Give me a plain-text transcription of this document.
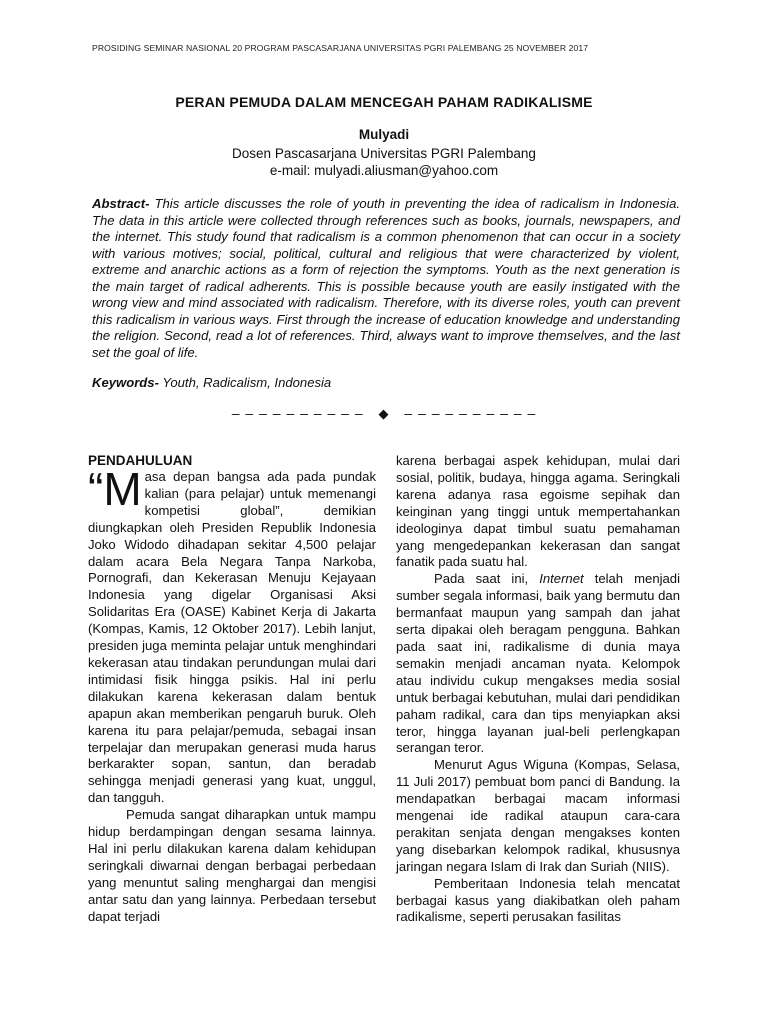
PROSIDING SEMINAR NASIONAL 20 PROGRAM PASCASARJANA UNIVERSITAS PGRI PALEMBANG 25 NOVEMBER 2017
PERAN PEMUDA DALAM MENCEGAH PAHAM RADIKALISME
Mulyadi
Dosen Pascasarjana Universitas PGRI Palembang
e-mail: mulyadi.aliusman@yahoo.com
Abstract- This article discusses the role of youth in preventing the idea of radicalism in Indonesia. The data in this article were collected through references such as books, journals, newspapers, and the internet. This study found that radicalism is a common phenomenon that can occur in a society with various motives; social, political, cultural and religious that were characterized by violent, extreme and anarchic actions as a form of rejection the symptoms. Youth as the next generation is the main target of radical adherents. This is possible because youth are easily instigated with the wrong view and mind associated with radicalism. Therefore, with its diverse roles, youth can prevent this radicalism in various ways. First through the increase of education knowledge and understanding the religion. Second, read a lot of references. Third, always want to improve themselves, and the last set the goal of life.
Keywords- Youth, Radicalism, Indonesia
– – – – – – – – – – ◆ – – – – – – – – – –
PENDAHULUAN

“Masa depan bangsa ada pada pundak kalian (para pelajar) untuk memenangi kompetisi global”, demikian diungkapkan oleh Presiden Republik Indonesia Joko Widodo dihadapan sekitar 4,500 pelajar dalam acara Bela Negara Tanpa Narkoba, Pornografi, dan Kekerasan Menuju Kejayaan Indonesia yang digelar Organisasi Aksi Solidaritas Era (OASE) Kabinet Kerja di Jakarta (Kompas, Kamis, 12 Oktober 2017). Lebih lanjut, presiden juga meminta pelajar untuk menghindari kekerasan atau tindakan perundungan mulai dari intimidasi fisik hingga psikis. Hal ini perlu dilakukan karena kekerasan dalam bentuk apapun akan memberikan pengaruh buruk. Oleh karena itu para pelajar/pemuda, sebagai insan terpelajar dan merupakan generasi muda harus berkarakter sopan, santun, dan beradab sehingga menjadi generasi yang kuat, unggul, dan tangguh.

Pemuda sangat diharapkan untuk mampu hidup berdampingan dengan sesama lainnya. Hal ini perlu dilakukan karena dalam kehidupan seringkali diwarnai dengan berbagai perbedaan yang menuntut saling menghargai dan mengisi antar satu dan yang lainnya. Perbedaan tersebut dapat terjadi

karena berbagai aspek kehidupan, mulai dari sosial, politik, budaya, hingga agama. Seringkali karena adanya rasa egoisme sepihak dan keinginan yang tinggi untuk mempertahankan ideologinya dapat timbul suatu pemahaman yang mengedepankan kekerasan dan sangat fanatik pada suatu hal.

Pada saat ini, Internet telah menjadi sumber segala informasi, baik yang bermutu dan bermanfaat maupun yang sampah dan jahat serta dipakai oleh beragam pengguna. Bahkan pada saat ini, radikalisme di dunia maya semakin menjadi ancaman nyata. Kelompok atau individu cukup mengakses media sosial untuk berbagai kebutuhan, mulai dari pendidikan paham radikal, cara dan tips menyiapkan aksi teror, hingga layanan jual-beli perlengkapan serangan teror.

Menurut Agus Wiguna (Kompas, Selasa, 11 Juli 2017) pembuat bom panci di Bandung. Ia mendapatkan berbagai macam informasi mengenai ide radikal ataupun cara-cara perakitan senjata dengan mengakses konten yang disebarkan kelompok radikal, khususnya jaringan negara Islam di Irak dan Suriah (NIIS).

Pemberitaan Indonesia telah mencatat berbagai kasus yang diakibatkan oleh paham radikalisme, seperti perusakan fasilitas
